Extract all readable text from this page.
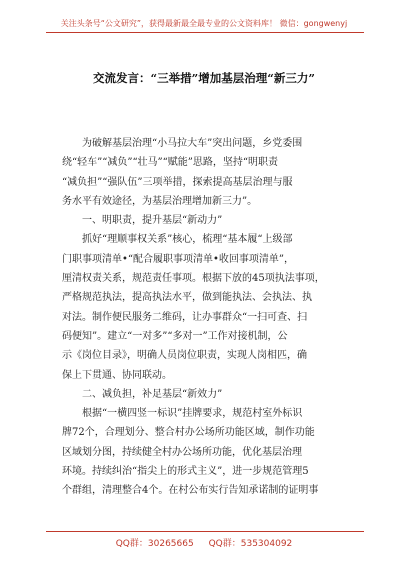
关注头条号“公文研究”，获得最新最全最专业的公文资料库！ 微信：gongwenyj
交流发言：“三举措”增加基层治理“新三力”
为破解基层治理“小马拉大车”突出问题，乡党委围
绕“轻车”“减负”“壮马”“赋能”思路，坚持“明职责
“减负担”“强队伍”三项举措，探索提高基层治理与服
务水平有效途径，为基层治理增加新三力”。
一、明职责，提升基层“新动力”
抓好“理顺事权关系”核心，梳理“基本履“上级部
门职事项清单•“配合履职事项清单•收回事项清单”，
厘清权责关系，规范责任事项。根据下放的45项执法事项，
严格规范执法，提高执法水平，做到能执法、会执法、执
对法。制作便民服务二维码，让办事群众“一扫可查、扫
码便知”。建立“一对多”“多对一”工作对接机制，公
示《岗位目录》，明确人员岗位职责，实现人岗相匹，确
保上下贯通、协同联动。
二、减负担，补足基层“新效力”
根据“一横四竖一标识”挂牌要求，规范村室外标识
牌72个，合理划分、整合村办公场所功能区域，制作功能
区域划分图，持续健全村办公场所功能，优化基层治理
环境。持续纠治“指尖上的形式主义”，进一步规范管理5
个群组，清理整合4个。在村公布实行告知承诺制的证明事
QQ群：30265665 QQ群：535304092
